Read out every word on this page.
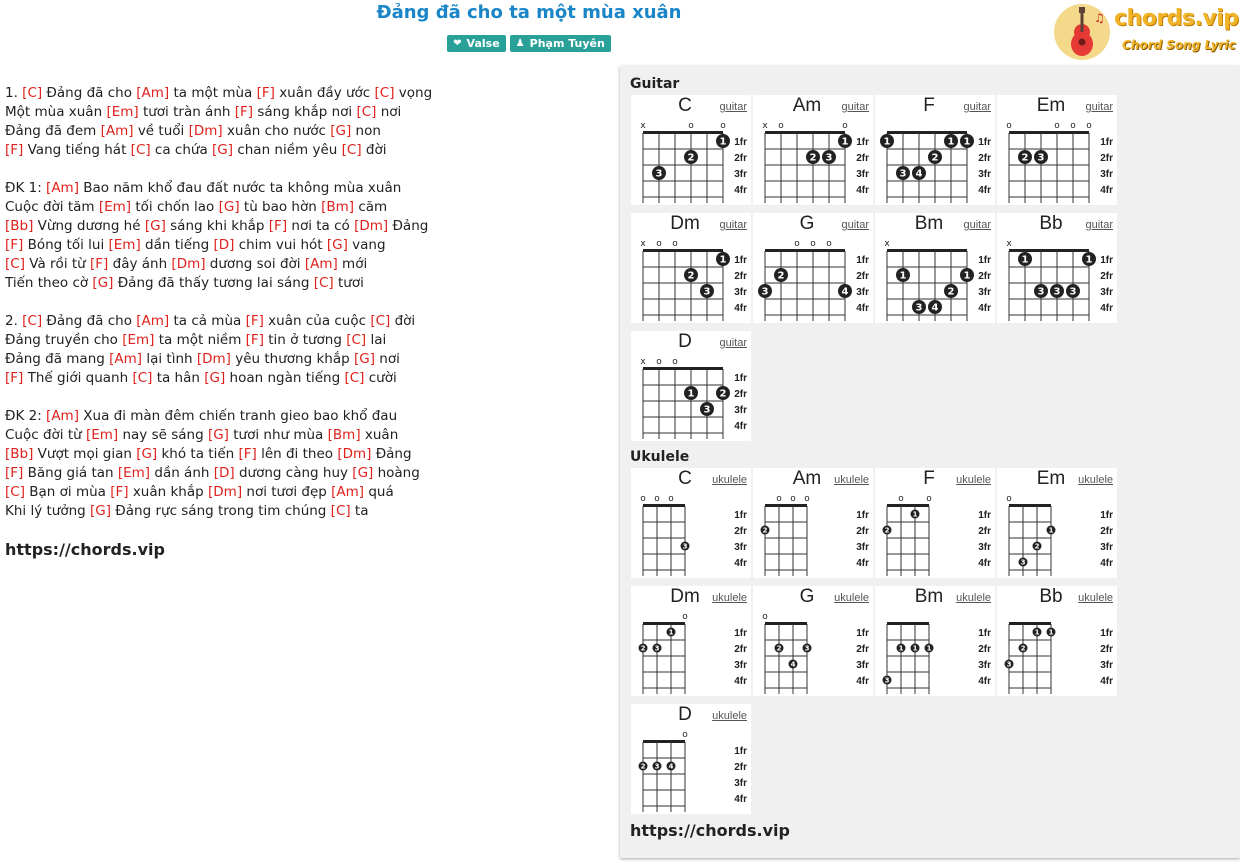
Đảng đã cho ta một mùa xuân
❤ Valse ♟ Phạm Tuyên
♫ chords.vip
Chord Song Lyric
1. [C] Đảng đã cho [Am] ta một mùa [F] xuân đầy ước [C] vọng
Một mùa xuân [Em] tươi tràn ánh [F] sáng khắp nơi [C] nơi
Đảng đã đem [Am] về tuổi [Dm] xuân cho nước [G] non
[F] Vang tiếng hát [C] ca chứa [G] chan niềm yêu [C] đời
ĐK 1: [Am] Bao năm khổ đau đất nước ta không mùa xuân
Cuộc đời tăm [Em] tối chốn lao [G] tù bao hờn [Bm] căm
[Bb] Vừng dương hé [G] sáng khi khắp [F] nơi ta có [Dm] Đảng
[F] Bóng tối lui [Em] dần tiếng [D] chim vui hót [G] vang
[C] Và rồi từ [F] đây ánh [Dm] dương soi đời [Am] mới
Tiến theo cờ [G] Đảng đã thấy tương lai sáng [C] tươi
2. [C] Đảng đã cho [Am] ta cả mùa [F] xuân của cuộc [C] đời
Đảng truyền cho [Em] ta một niềm [F] tin ở tương [C] lai
Đảng đã mang [Am] lại tình [Dm] yêu thương khắp [G] nơi
[F] Thế giới quanh [C] ta hân [G] hoan ngàn tiếng [C] cười
ĐK 2: [Am] Xua đi màn đêm chiến tranh gieo bao khổ đau
Cuộc đời từ [Em] nay sẽ sáng [G] tươi như mùa [Bm] xuân
[Bb] Vượt mọi gian [G] khó ta tiến [F] lên đi theo [Dm] Đảng
[F] Băng giá tan [Em] dần ánh [D] dương càng huy [G] hoàng
[C] Bạn ơi mùa [F] xuân khắp [Dm] nơi tươi đẹp [Am] quá
Khi lý tưởng [G] Đảng rực sáng trong tim chúng [C] ta
https://chords.vip
Guitar
Ukulele
https://chords.vip
C	guitar
x	o	o
1
2
3
1fr
2fr
3fr
4fr
Am	guitar
x o	o
1
2 3
1fr
2fr
3fr
4fr
F	guitar
1	1 1
2
3 4
1fr
2fr
3fr
4fr
Em	guitar
o	o o o
2 3
1fr
2fr
3fr
4fr
Dm	guitar
x o o
1
2
3
1fr
2fr
3fr
4fr
G	guitar
o o o
2
3	4
1fr
2fr
3fr
4fr
Bm	guitar
x
1	1
2
3 4
1fr
2fr
3fr
4fr
Bb	guitar
x
1	1
3 3 3
1fr
2fr
3fr
4fr
D	guitar
x o o
1	2
3
1fr
2fr
3fr
4fr
C	ukulele
o o o
3
1fr
2fr
3fr
4fr
Am	ukulele
o o o
2
1fr
2fr
3fr
4fr
F	ukulele
o o
1
2
1fr
2fr
3fr
4fr
Em	ukulele
o
1
2
3
1fr
2fr
3fr
4fr
Dm	ukulele
o
1
2 3
1fr
2fr
3fr
4fr
G	ukulele
o
2	3
4
1fr
2fr
3fr
4fr
Bm	ukulele
1 1 1
3
1fr
2fr
3fr
4fr
Bb	ukulele
1 1
2
3
1fr
2fr
3fr
4fr
D	ukulele
o
2 3 4
1fr
2fr
3fr
4fr
